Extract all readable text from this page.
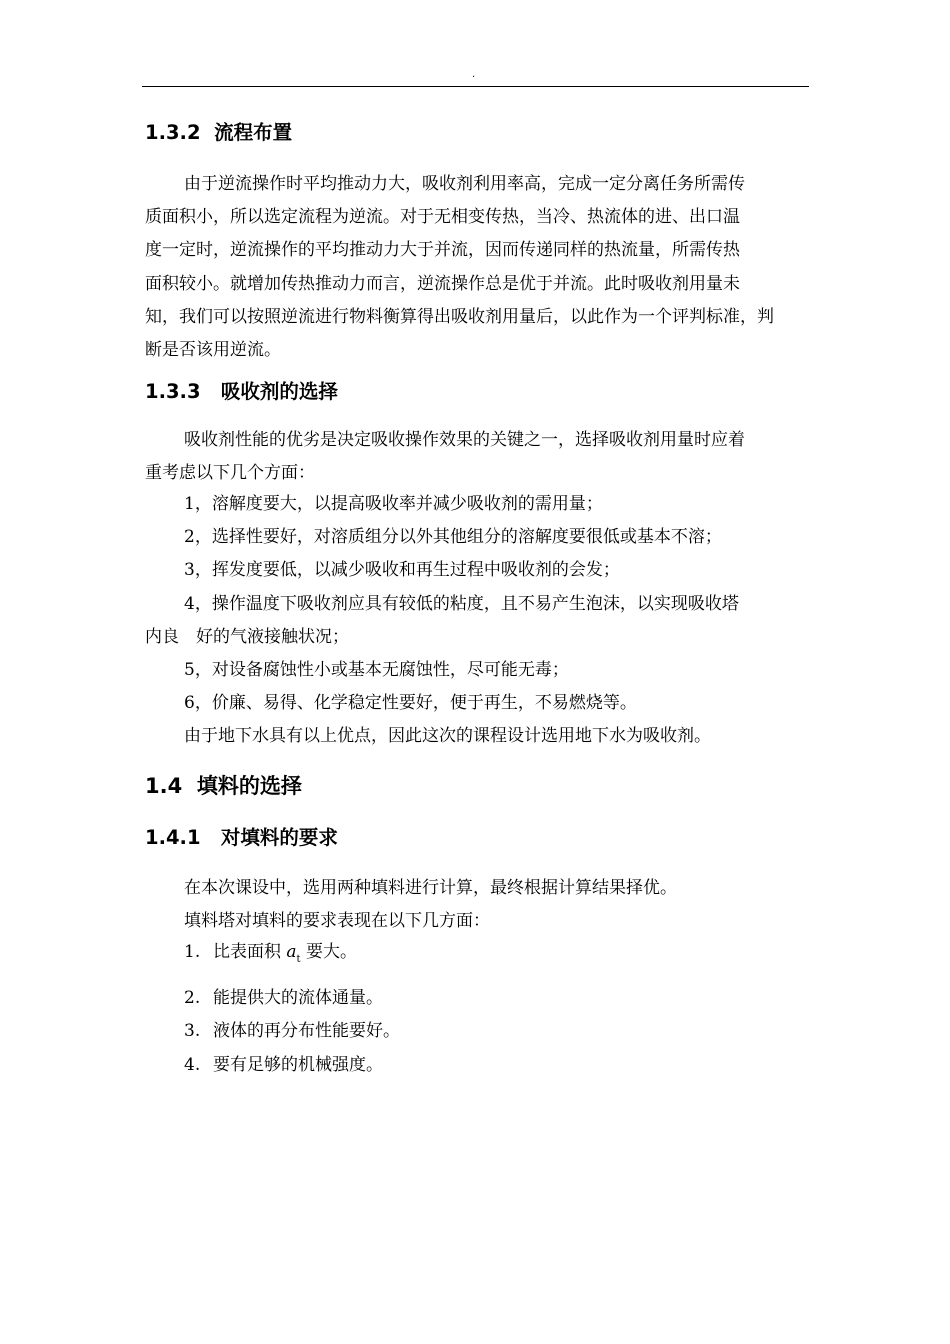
.
1.3.2 流程布置
由于逆流操作时平均推动力大，吸收剂利用率高，完成一定分离任务所需传
质面积小，所以选定流程为逆流。对于无相变传热，当冷、热流体的进、出口温
度一定时，逆流操作的平均推动力大于并流，因而传递同样的热流量，所需传热
面积较小。就增加传热推动力而言，逆流操作总是优于并流。此时吸收剂用量未
知，我们可以按照逆流进行物料衡算得出吸收剂用量后，以此作为一个评判标准，判
断是否该用逆流。
1.3.3 吸收剂的选择
吸收剂性能的优劣是决定吸收操作效果的关键之一，选择吸收剂用量时应着
重考虑以下几个方面：
1，溶解度要大，以提高吸收率并减少吸收剂的需用量；
2，选择性要好，对溶质组分以外其他组分的溶解度要很低或基本不溶；
3，挥发度要低，以减少吸收和再生过程中吸收剂的会发；
4，操作温度下吸收剂应具有较低的粘度，且不易产生泡沫，以实现吸收塔
内良　好的气液接触状况；
5，对设备腐蚀性小或基本无腐蚀性，尽可能无毒；
6，价廉、易得、化学稳定性要好，便于再生，不易燃烧等。
由于地下水具有以上优点，因此这次的课程设计选用地下水为吸收剂。
1.4 填料的选择
1.4.1 对填料的要求
在本次课设中，选用两种填料进行计算，最终根据计算结果择优。
填料塔对填料的要求表现在以下几方面：
1. 比表面积 $a_t$ 要大。
2. 能提供大的流体通量。
3. 液体的再分布性能要好。
4. 要有足够的机械强度。
